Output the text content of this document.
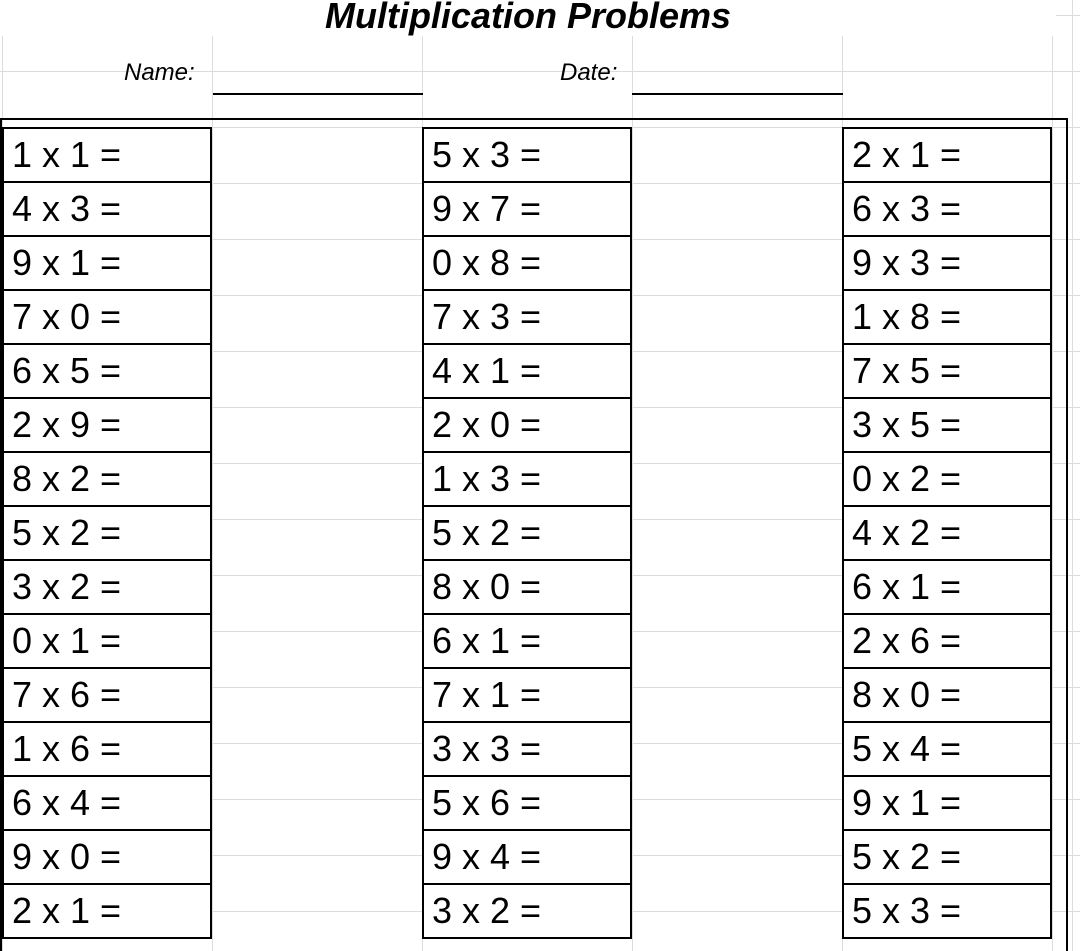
Multiplication Problems
Name:	Date:
1 x 1 =
4 x 3 =
9 x 1 =
7 x 0 =
6 x 5 =
2 x 9 =
8 x 2 =
5 x 2 =
3 x 2 =
0 x 1 =
7 x 6 =
1 x 6 =
6 x 4 =
9 x 0 =
2 x 1 =
5 x 3 =
9 x 7 =
0 x 8 =
7 x 3 =
4 x 1 =
2 x 0 =
1 x 3 =
5 x 2 =
8 x 0 =
6 x 1 =
7 x 1 =
3 x 3 =
5 x 6 =
9 x 4 =
3 x 2 =
2 x 1 =
6 x 3 =
9 x 3 =
1 x 8 =
7 x 5 =
3 x 5 =
0 x 2 =
4 x 2 =
6 x 1 =
2 x 6 =
8 x 0 =
5 x 4 =
9 x 1 =
5 x 2 =
5 x 3 =
